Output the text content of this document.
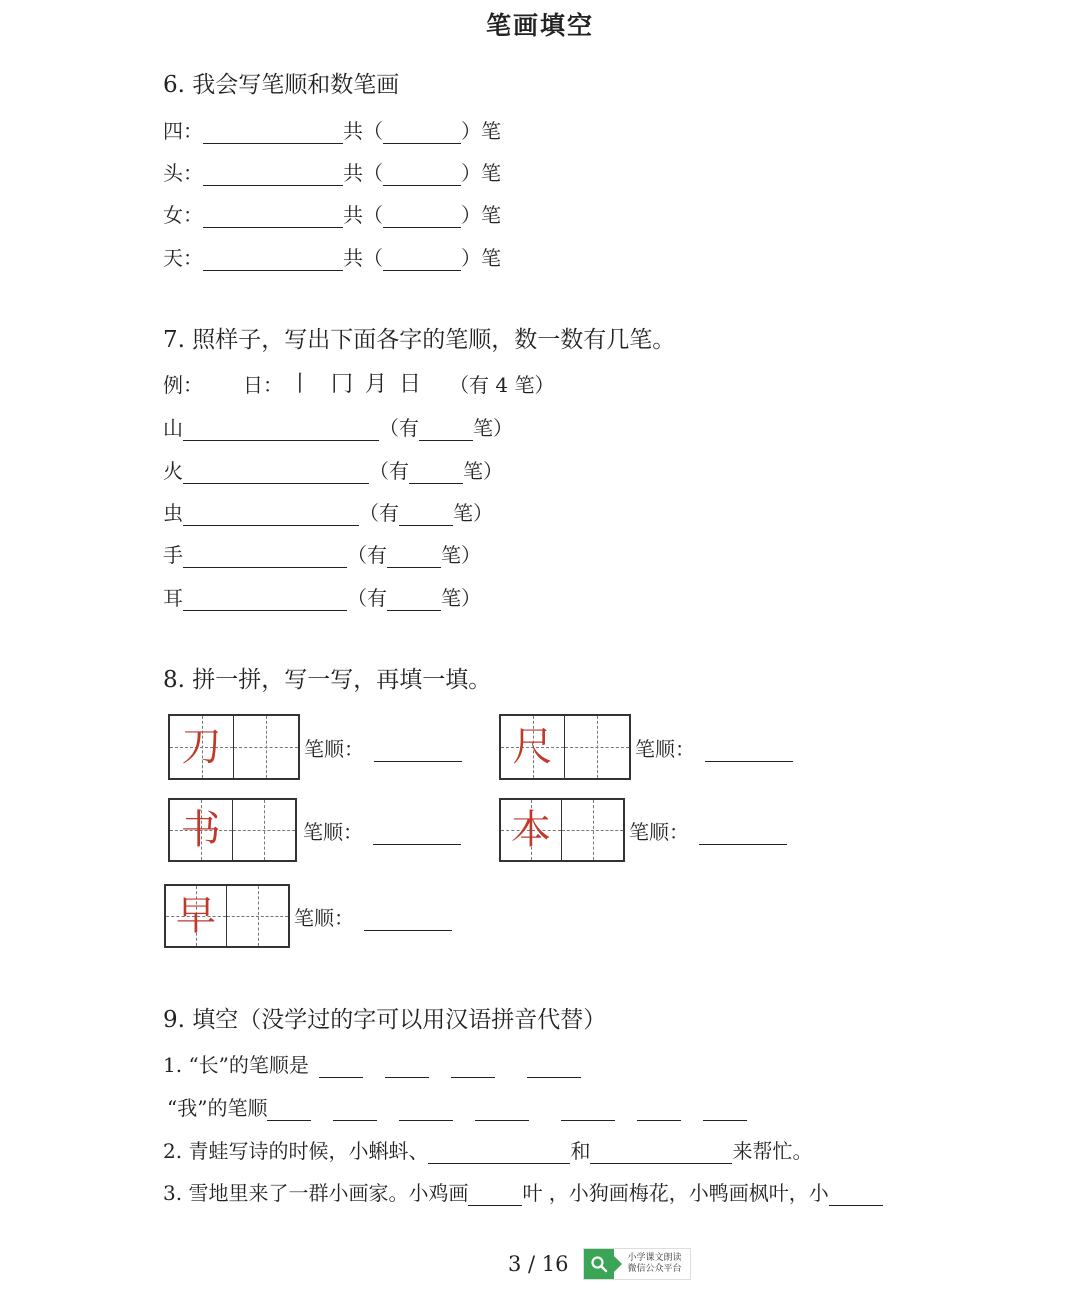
笔画填空
6. 我会写笔顺和数笔画
四：	共（	）笔
头：	共（	）笔
女：	共（	）笔
天：	共（	）笔
7. 照样子，写出下面各字的笔顺，数一数有几笔。
例： 日： 丨 冂 月 日 （有 4 笔）
山	（有	笔）
火	（有	笔）
虫	（有	笔）
手	（有	笔）
耳	（有	笔）
8. 拼一拼，写一写，再填一填。
刀	笔顺：	尺	笔顺：
书	笔顺：	本	笔顺：
早	笔顺：
9. 填空（没学过的字可以用汉语拼音代替）
1. “长”的笔顺是
“我”的笔顺
2. 青蛙写诗的时候，小蝌蚪、	和	来帮忙。
3. 雪地里来了一群小画家。小鸡画	叶 ，小狗画梅花，小鸭画枫叶，小
3 / 16	小学课文朗读
微信公众平台
